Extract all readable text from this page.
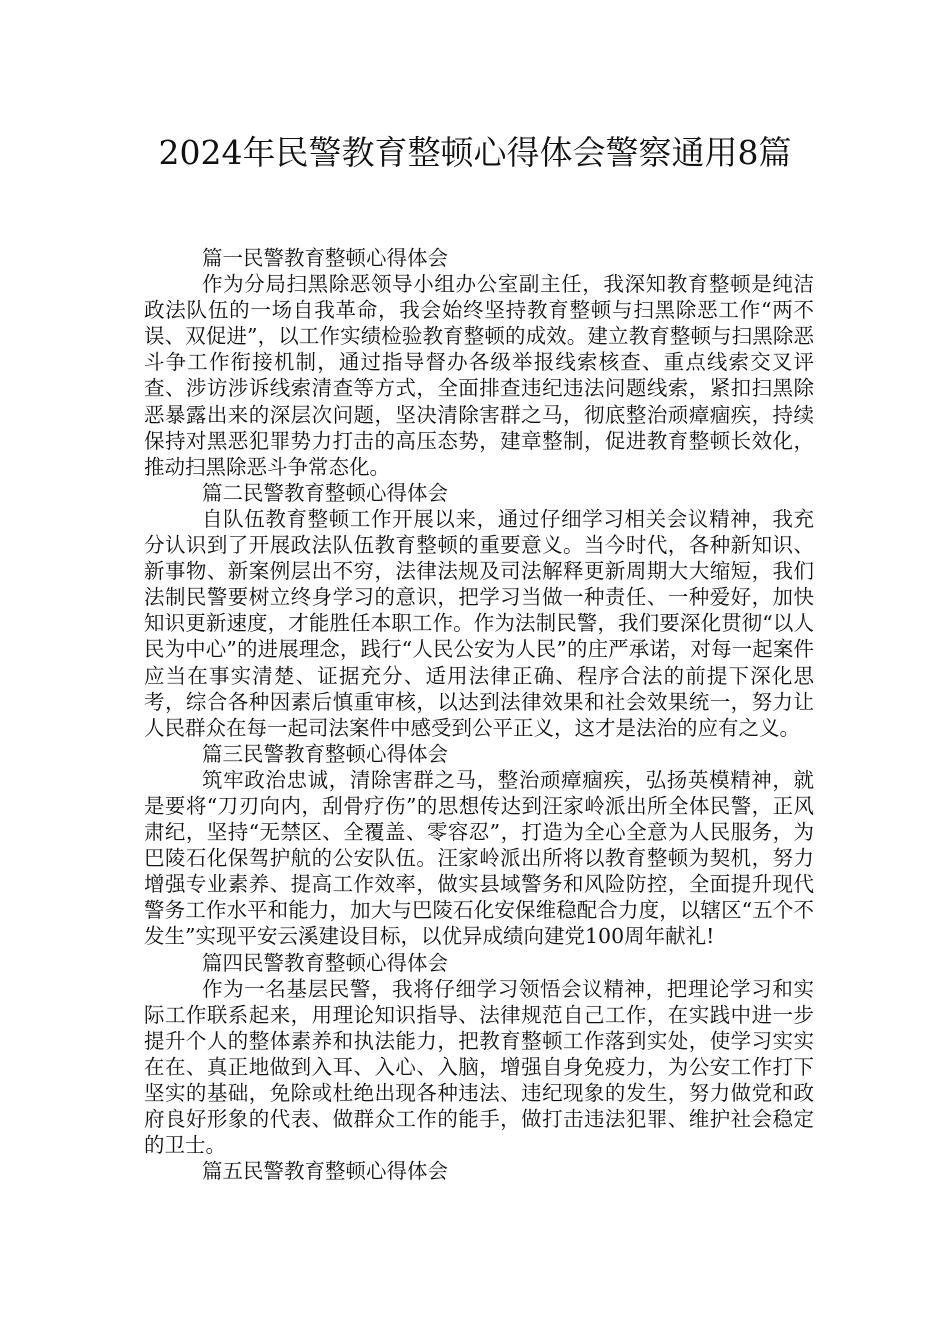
2024年民警教育整顿心得体会警察通用8篇
篇一民警教育整顿心得体会

作为分局扫黑除恶领导小组办公室副主任，我深知教育整顿是纯洁政法队伍的一场自我革命，我会始终坚持教育整顿与扫黑除恶工作“两不误、双促进”，以工作实绩检验教育整顿的成效。建立教育整顿与扫黑除恶斗争工作衔接机制，通过指导督办各级举报线索核查、重点线索交叉评查、涉访涉诉线索清查等方式，全面排查违纪违法问题线索，紧扣扫黑除恶暴露出来的深层次问题，坚决清除害群之马，彻底整治顽瘴痼疾，持续保持对黑恶犯罪势力打击的高压态势，建章整制，促进教育整顿长效化，推动扫黑除恶斗争常态化。

篇二民警教育整顿心得体会

自队伍教育整顿工作开展以来，通过仔细学习相关会议精神，我充分认识到了开展政法队伍教育整顿的重要意义。当今时代，各种新知识、新事物、新案例层出不穷，法律法规及司法解释更新周期大大缩短，我们法制民警要树立终身学习的意识，把学习当做一种责任、一种爱好，加快知识更新速度，才能胜任本职工作。作为法制民警，我们要深化贯彻“以人民为中心”的进展理念，践行“人民公安为人民”的庄严承诺，对每一起案件应当在事实清楚、证据充分、适用法律正确、程序合法的前提下深化思考，综合各种因素后慎重审核，以达到法律效果和社会效果统一，努力让人民群众在每一起司法案件中感受到公平正义，这才是法治的应有之义。

篇三民警教育整顿心得体会

筑牢政治忠诚，清除害群之马，整治顽瘴痼疾，弘扬英模精神，就是要将“刀刃向内，刮骨疗伤”的思想传达到汪家岭派出所全体民警，正风肃纪，坚持“无禁区、全覆盖、零容忍”，打造为全心全意为人民服务，为巴陵石化保驾护航的公安队伍。汪家岭派出所将以教育整顿为契机，努力增强专业素养、提高工作效率，做实县域警务和风险防控，全面提升现代警务工作水平和能力，加大与巴陵石化安保维稳配合力度，以辖区“五个不发生”实现平安云溪建设目标，以优异成绩向建党100周年献礼!

篇四民警教育整顿心得体会

作为一名基层民警，我将仔细学习领悟会议精神，把理论学习和实际工作联系起来，用理论知识指导、法律规范自己工作，在实践中进一步提升个人的整体素养和执法能力，把教育整顿工作落到实处，使学习实实在在、真正地做到入耳、入心、入脑，增强自身免疫力，为公安工作打下坚实的基础，免除或杜绝出现各种违法、违纪现象的发生，努力做党和政府良好形象的代表、做群众工作的能手，做打击违法犯罪、维护社会稳定的卫士。

篇五民警教育整顿心得体会
